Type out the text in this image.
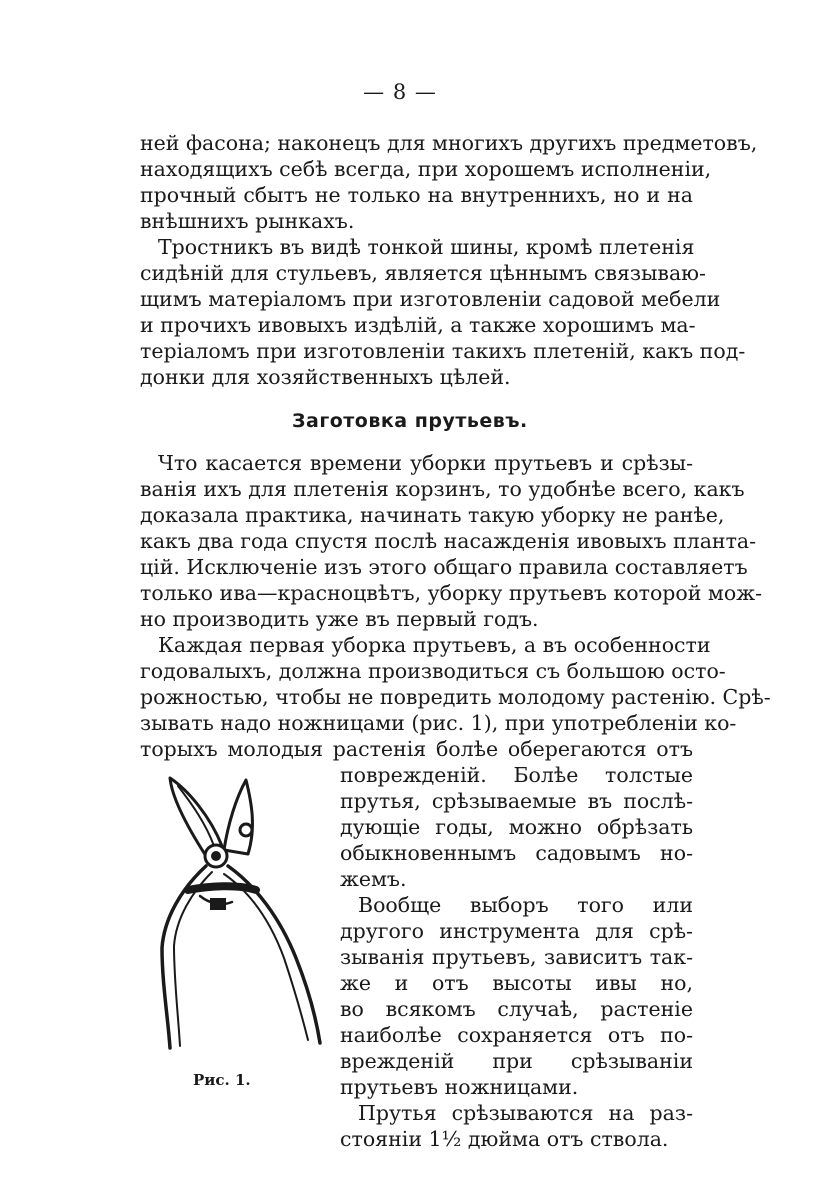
— 8 —
ней фасона; наконецъ для многихъ другихъ предметовъ,
находящихъ себѣ всегда, при хорошемъ исполненіи,
прочный сбытъ не только на внутреннихъ, но и на
внѣшнихъ рынкахъ.
Тростникъ въ видѣ тонкой шины, кромѣ плетенія
сидѣній для стульевъ, является цѣннымъ связываю-
щимъ матеріаломъ при изготовленіи садовой мебели
и прочихъ ивовыхъ издѣлій, а также хорошимъ ма-
теріаломъ при изготовленіи такихъ плетеній, какъ под-
донки для хозяйственныхъ цѣлей.
Заготовка прутьевъ.
Что касается времени уборки прутьевъ и срѣзы-
ванія ихъ для плетенія корзинъ, то удобнѣе всего, какъ
доказала практика, начинать такую уборку не ранѣе,
какъ два года спустя послѣ насажденія ивовыхъ планта-
цій. Исключеніе изъ этого общаго правила составляетъ
только ива—красноцвѣтъ, уборку прутьевъ которой мож-
но производить уже въ первый годъ.
Каждая первая уборка прутьевъ, а въ особенности
годовалыхъ, должна производиться съ большою осто-
рожностью, чтобы не повредить молодому растенію. Срѣ-
зывать надо ножницами (рис. 1), при употребленіи ко-
торыхъ молодыя растенія болѣе оберегаются отъ
поврежденій. Болѣе толстые
прутья, срѣзываемые въ послѣ-
дующіе годы, можно обрѣзать
обыкновеннымъ садовымъ но-
жемъ.
Вообще выборъ того или
другого инструмента для срѣ-
зыванія прутьевъ, зависитъ так-
же и отъ высоты ивы но,
во всякомъ случаѣ, растеніе
наиболѣе сохраняется отъ по-
врежденій при срѣзываніи
прутьевъ ножницами.
Прутья срѣзываются на раз-
стояніи 1½ дюйма отъ ствола.
Рис. 1.
